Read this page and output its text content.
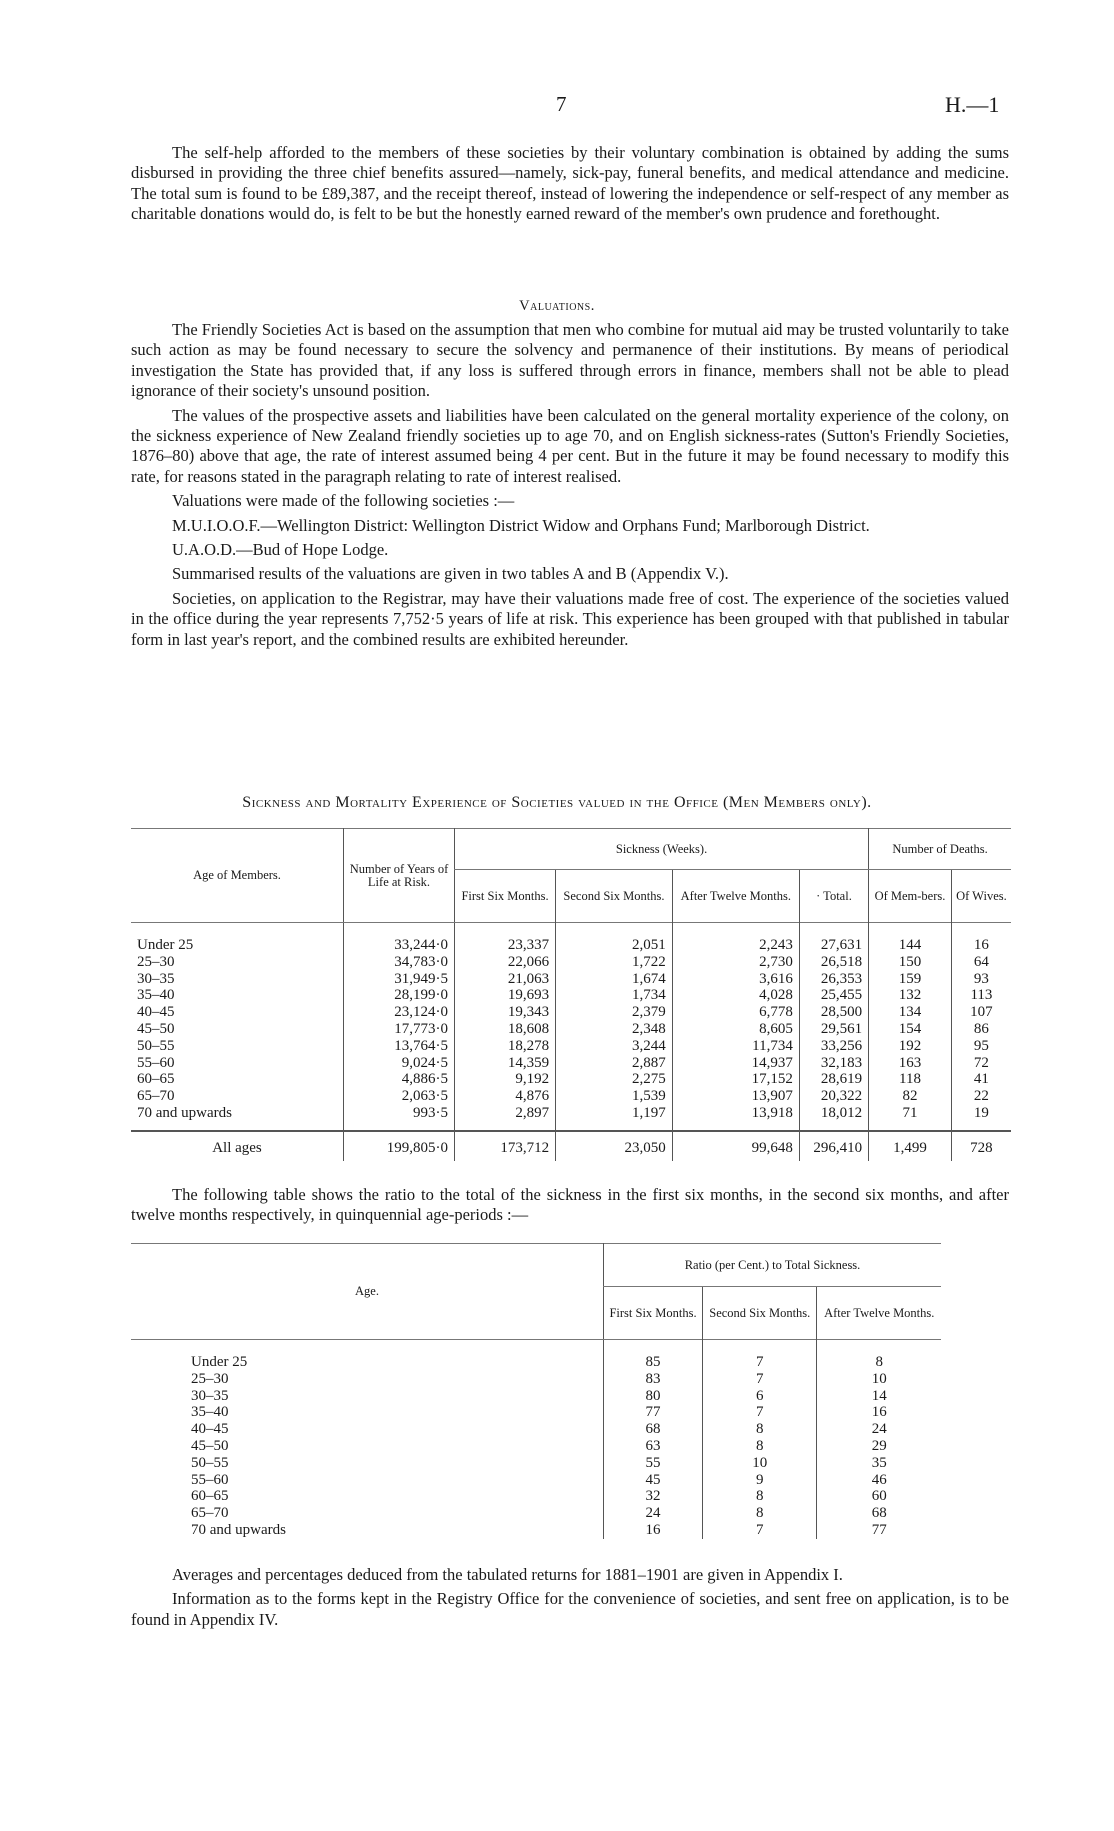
7	H.—1

The self-help afforded to the members of these societies by their voluntary combination is obtained by adding the sums disbursed in providing the three chief benefits assured—namely, sick-pay, funeral benefits, and medical attendance and medicine. The total sum is found to be £89,387, and the receipt thereof, instead of lowering the independence or self-respect of any member as charitable donations would do, is felt to be but the honestly earned reward of the member's own prudence and forethought.

Valuations.

The Friendly Societies Act is based on the assumption that men who combine for mutual aid may be trusted voluntarily to take such action as may be found necessary to secure the solvency and permanence of their institutions. By means of periodical investigation the State has provided that, if any loss is suffered through errors in finance, members shall not be able to plead ignorance of their society's unsound position.

The values of the prospective assets and liabilities have been calculated on the general mortality experience of the colony, on the sickness experience of New Zealand friendly societies up to age 70, and on English sickness-rates (Sutton's Friendly Societies, 1876–80) above that age, the rate of interest assumed being 4 per cent. But in the future it may be found necessary to modify this rate, for reasons stated in the paragraph relating to rate of interest realised.

Valuations were made of the following societies :—

M.U.I.O.O.F.—Wellington District: Wellington District Widow and Orphans Fund; Marlborough District.

U.A.O.D.—Bud of Hope Lodge.

Summarised results of the valuations are given in two tables A and B (Appendix V.).

Societies, on application to the Registrar, may have their valuations made free of cost. The experience of the societies valued in the office during the year represents 7,752·5 years of life at risk. This experience has been grouped with that published in tabular form in last year's report, and the combined results are exhibited hereunder.

Sickness and Mortality Experience of Societies valued in the Office (Men Members only).
Age of Members.	Number of Years of Life at Risk.	Sickness (Weeks).				Number of Deaths.	
		First Six Months.	Second Six Months.	After Twelve Months.	· Total.	Of Mem-bers.	Of Wives.
Under 25	33,244·0	23,337	2,051	2,243	27,631	144	16
25–30	34,783·0	22,066	1,722	2,730	26,518	150	64
30–35	31,949·5	21,063	1,674	3,616	26,353	159	93
35–40	28,199·0	19,693	1,734	4,028	25,455	132	113
40–45	23,124·0	19,343	2,379	6,778	28,500	134	107
45–50	17,773·0	18,608	2,348	8,605	29,561	154	86
50–55	13,764·5	18,278	3,244	11,734	33,256	192	95
55–60	9,024·5	14,359	2,887	14,937	32,183	163	72
60–65	4,886·5	9,192	2,275	17,152	28,619	118	41
65–70	2,063·5	4,876	1,539	13,907	20,322	82	22
70 and upwards	993·5	2,897	1,197	13,918	18,012	71	19

All ages	199,805·0	173,712	23,050	99,648	296,410	1,499	728

The following table shows the ratio to the total of the sickness in the first six months, in the second six months, and after twelve months respectively, in quinquennial age-periods :—

Age.	Ratio (per Cent.) to Total Sickness.		
	First Six Months.	Second Six Months.	After Twelve Months.
Under 25	85	7	8
25–30	83	7	10
30–35	80	6	14
35–40	77	7	16
40–45	68	8	24
45–50	63	8	29
50–55	55	10	35
55–60	45	9	46
60–65	32	8	60
65–70	24	8	68
70 and upwards	16	7	77

Averages and percentages deduced from the tabulated returns for 1881–1901 are given in Appendix I.

Information as to the forms kept in the Registry Office for the convenience of societies, and sent free on application, is to be found in Appendix IV.
